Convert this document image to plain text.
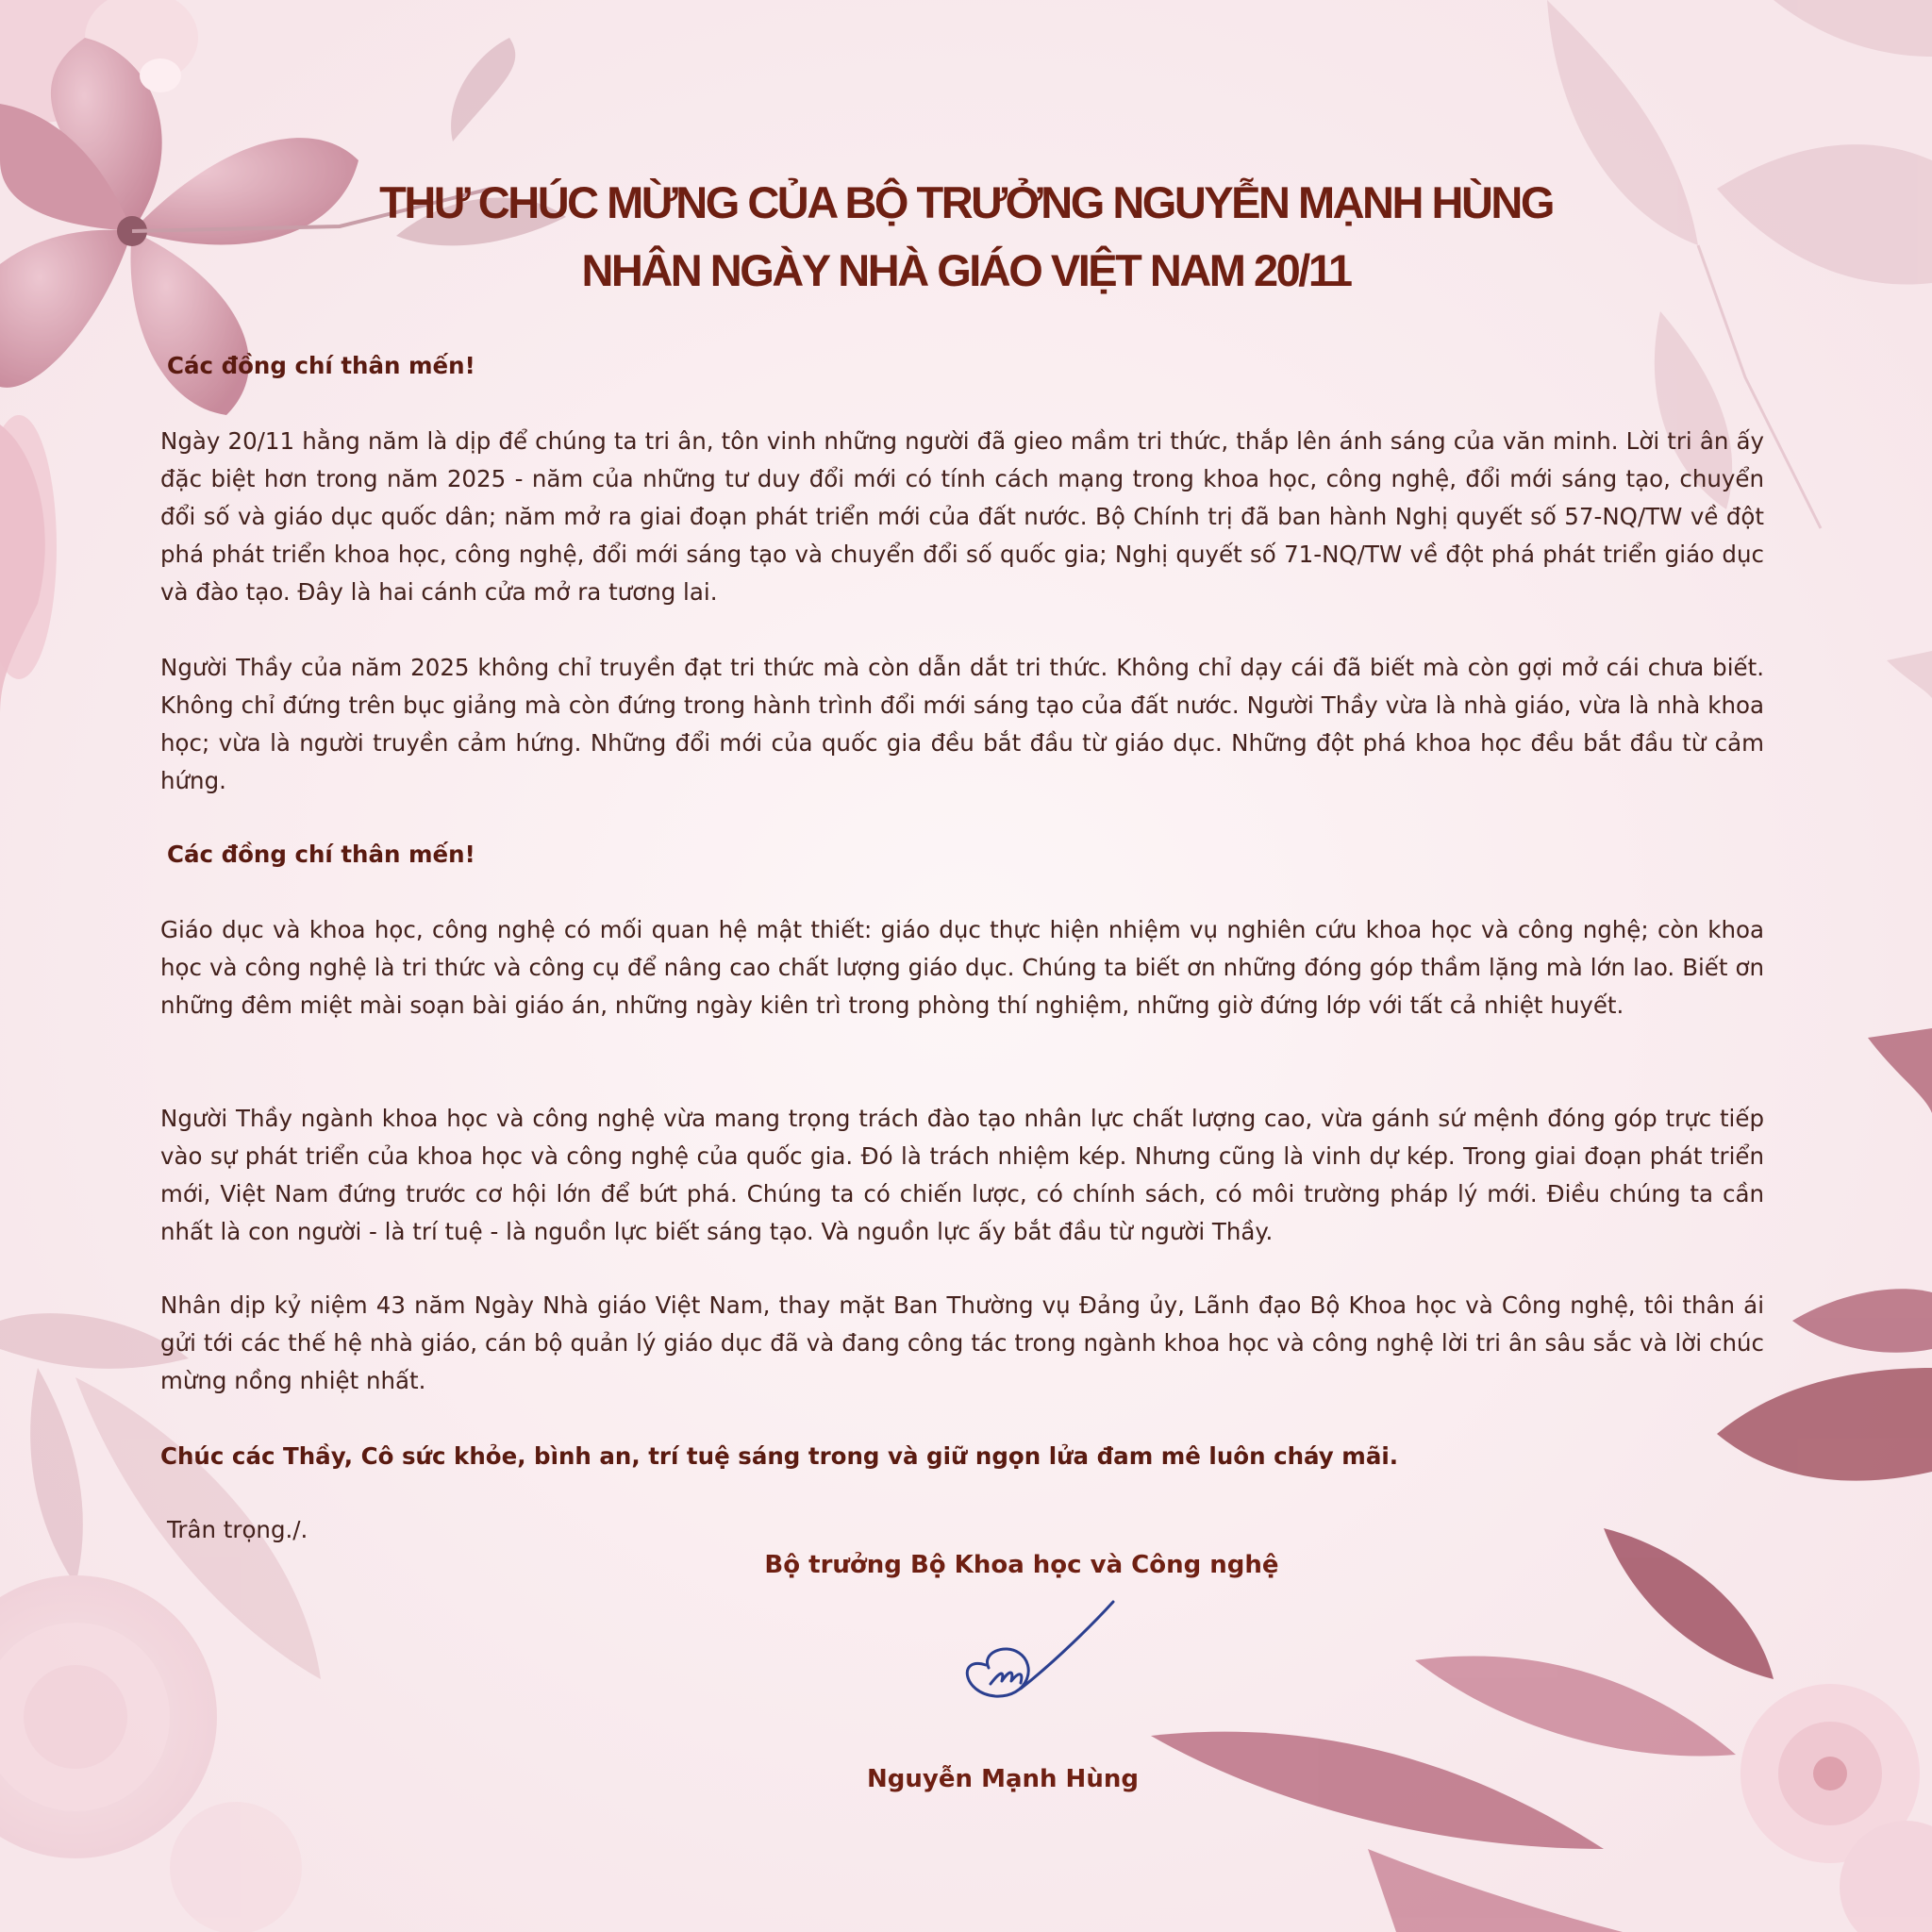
THƯ CHÚC MỪNG CỦA BỘ TRƯỞNG NGUYỄN MẠNH HÙNG
NHÂN NGÀY NHÀ GIÁO VIỆT NAM 20/11

Các đồng chí thân mến!

Ngày 20/11 hằng năm là dịp để chúng ta tri ân, tôn vinh những người đã gieo mầm tri thức, thắp lên ánh sáng của văn minh. Lời tri ân ấy đặc biệt hơn trong năm 2025 - năm của những tư duy đổi mới có tính cách mạng trong khoa học, công nghệ, đổi mới sáng tạo, chuyển đổi số và giáo dục quốc dân; năm mở ra giai đoạn phát triển mới của đất nước. Bộ Chính trị đã ban hành Nghị quyết số 57-NQ/TW về đột phá phát triển khoa học, công nghệ, đổi mới sáng tạo và chuyển đổi số quốc gia; Nghị quyết số 71-NQ/TW về đột phá phát triển giáo dục và đào tạo. Đây là hai cánh cửa mở ra tương lai.

Người Thầy của năm 2025 không chỉ truyền đạt tri thức mà còn dẫn dắt tri thức. Không chỉ dạy cái đã biết mà còn gợi mở cái chưa biết. Không chỉ đứng trên bục giảng mà còn đứng trong hành trình đổi mới sáng tạo của đất nước. Người Thầy vừa là nhà giáo, vừa là nhà khoa học; vừa là người truyền cảm hứng. Những đổi mới của quốc gia đều bắt đầu từ giáo dục. Những đột phá khoa học đều bắt đầu từ cảm hứng.

Các đồng chí thân mến!

Giáo dục và khoa học, công nghệ có mối quan hệ mật thiết: giáo dục thực hiện nhiệm vụ nghiên cứu khoa học và công nghệ; còn khoa học và công nghệ là tri thức và công cụ để nâng cao chất lượng giáo dục. Chúng ta biết ơn những đóng góp thầm lặng mà lớn lao. Biết ơn những đêm miệt mài soạn bài giáo án, những ngày kiên trì trong phòng thí nghiệm, những giờ đứng lớp với tất cả nhiệt huyết.

Người Thầy ngành khoa học và công nghệ vừa mang trọng trách đào tạo nhân lực chất lượng cao, vừa gánh sứ mệnh đóng góp trực tiếp vào sự phát triển của khoa học và công nghệ của quốc gia. Đó là trách nhiệm kép. Nhưng cũng là vinh dự kép. Trong giai đoạn phát triển mới, Việt Nam đứng trước cơ hội lớn để bứt phá. Chúng ta có chiến lược, có chính sách, có môi trường pháp lý mới. Điều chúng ta cần nhất là con người - là trí tuệ - là nguồn lực biết sáng tạo. Và nguồn lực ấy bắt đầu từ người Thầy.

Nhân dịp kỷ niệm 43 năm Ngày Nhà giáo Việt Nam, thay mặt Ban Thường vụ Đảng ủy, Lãnh đạo Bộ Khoa học và Công nghệ, tôi thân ái gửi tới các thế hệ nhà giáo, cán bộ quản lý giáo dục đã và đang công tác trong ngành khoa học và công nghệ lời tri ân sâu sắc và lời chúc mừng nồng nhiệt nhất.

Chúc các Thầy, Cô sức khỏe, bình an, trí tuệ sáng trong và giữ ngọn lửa đam mê luôn cháy mãi.

Trân trọng./.

Bộ trưởng Bộ Khoa học và Công nghệ

Nguyễn Mạnh Hùng
